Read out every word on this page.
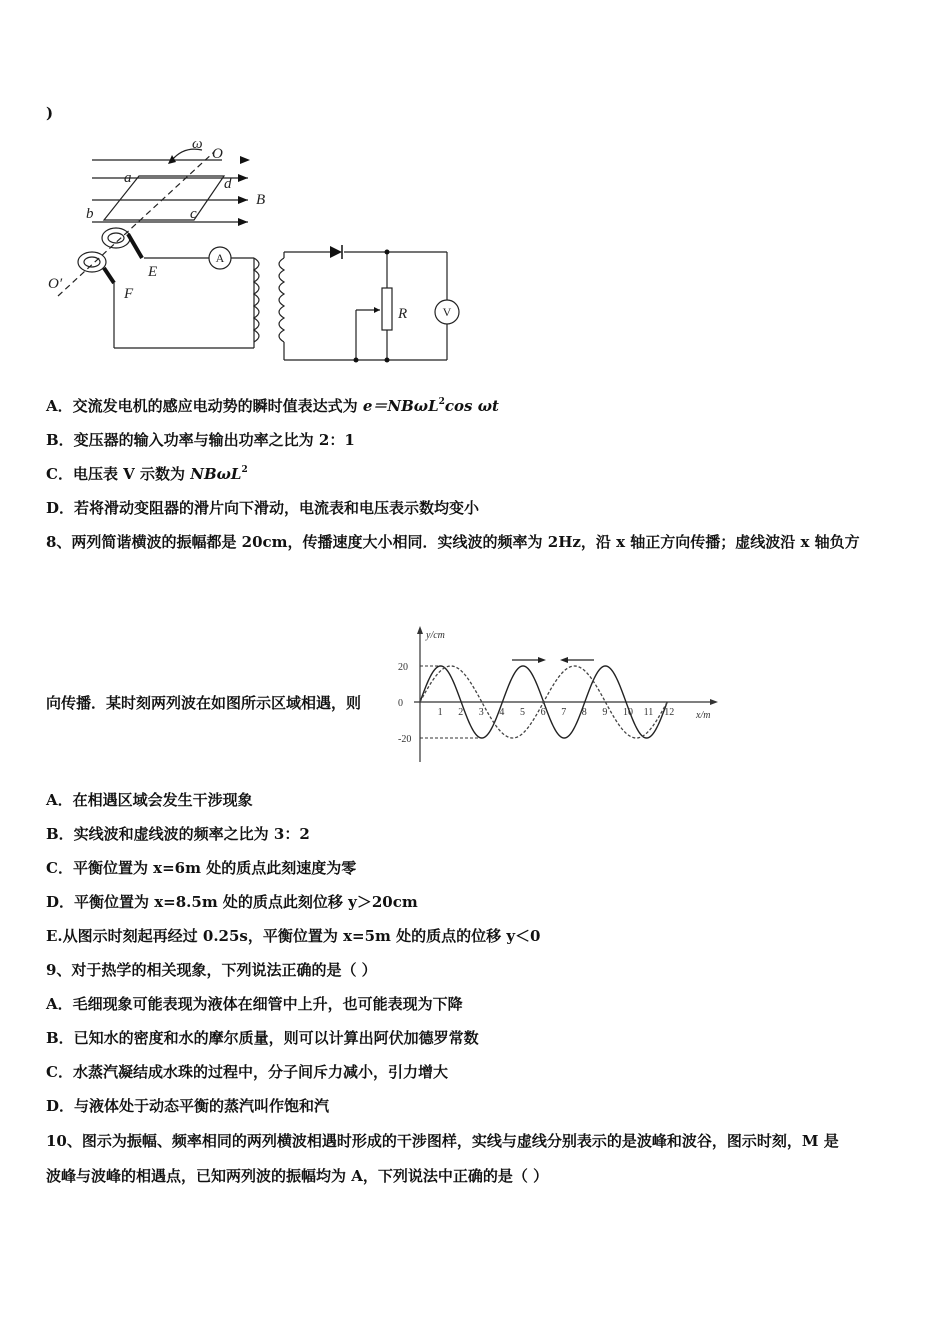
)
ω
O
a	d
B
b	c
E
F
O′
R
A
V
A．交流发电机的感应电动势的瞬时值表达式为 e＝NBωL$^2$cos ωt
B．变压器的输入功率与输出功率之比为 2：1
C．电压表 V 示数为 NBωL$^2$
D．若将滑动变阻器的滑片向下滑动，电流表和电压表示数均变小
8、两列简谐横波的振幅都是 20cm，传播速度大小相同．实线波的频率为 2Hz，沿 x 轴正方向传播；虚线波沿 x 轴负方
向传播．某时刻两列波在如图所示区域相遇，则
y/cm
x/m
1 2 3 4 5 6 7 8 9 10 11 12
20
0
-20
A．在相遇区域会发生干涉现象
B．实线波和虚线波的频率之比为 3：2
C．平衡位置为 x=6m 处的质点此刻速度为零
D．平衡位置为 x=8.5m 处的质点此刻位移 y＞20cm
E.从图示时刻起再经过 0.25s，平衡位置为 x=5m 处的质点的位移 y＜0
9、对于热学的相关现象，下列说法正确的是（ ）
A．毛细现象可能表现为液体在细管中上升，也可能表现为下降
B．已知水的密度和水的摩尔质量，则可以计算出阿伏加德罗常数
C．水蒸汽凝结成水珠的过程中，分子间斥力减小，引力增大
D．与液体处于动态平衡的蒸汽叫作饱和汽
10、图示为振幅、频率相同的两列横波相遇时形成的干涉图样，实线与虚线分别表示的是波峰和波谷，图示时刻，M 是
波峰与波峰的相遇点，已知两列波的振幅均为 A，下列说法中正确的是（ ）
